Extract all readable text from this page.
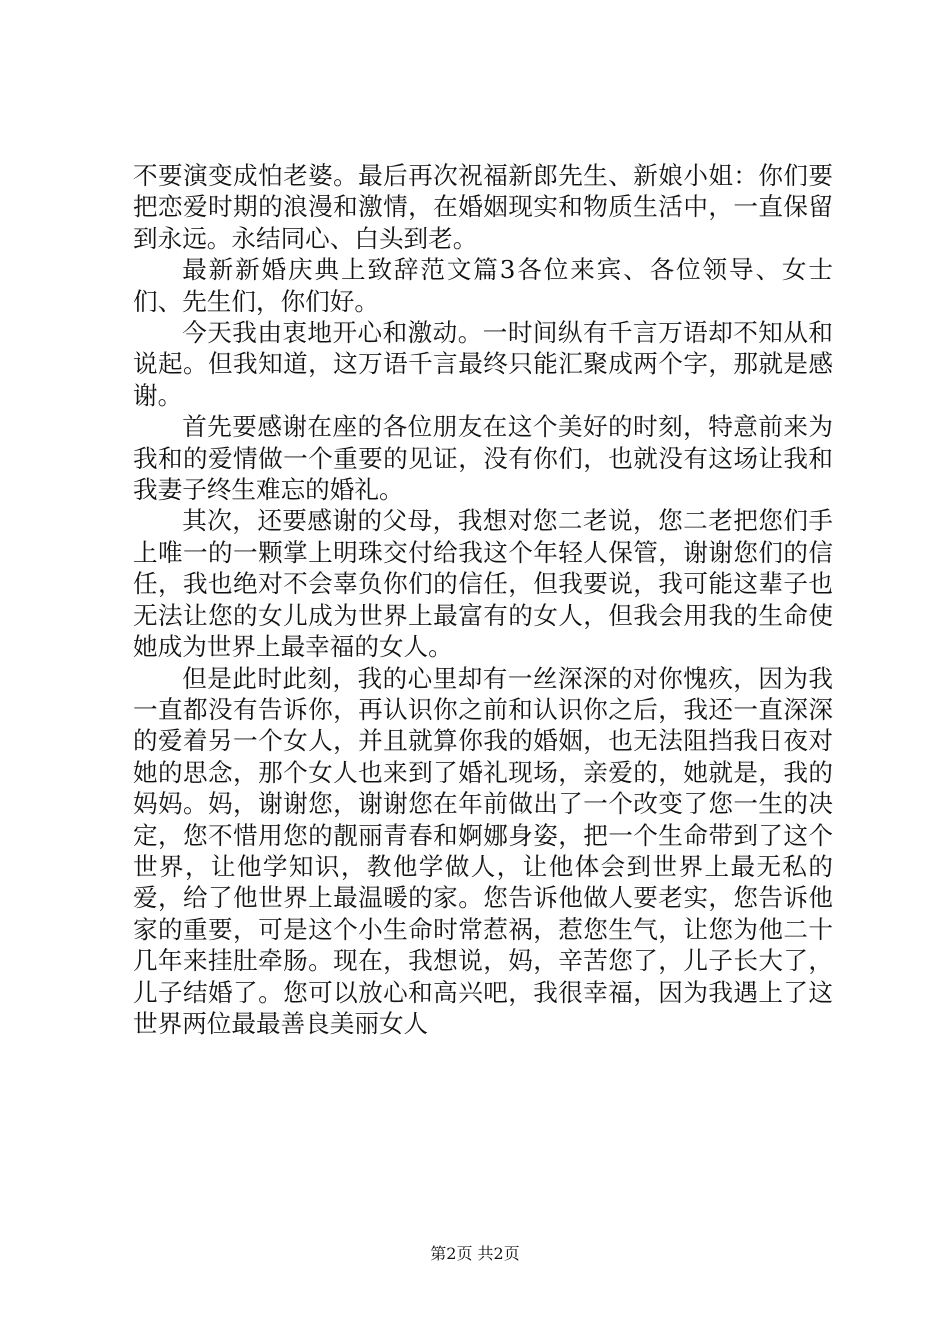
不要演变成怕老婆。最后再次祝福新郎先生、新娘小姐：你们要把恋爱时期的浪漫和激情，在婚姻现实和物质生活中，一直保留到永远。永结同心、白头到老。

最新新婚庆典上致辞范文篇3各位来宾、各位领导、女士们、先生们，你们好。

今天我由衷地开心和激动。一时间纵有千言万语却不知从和说起。但我知道，这万语千言最终只能汇聚成两个字，那就是感谢。

首先要感谢在座的各位朋友在这个美好的时刻，特意前来为我和的爱情做一个重要的见证，没有你们，也就没有这场让我和我妻子终生难忘的婚礼。

其次，还要感谢的父母，我想对您二老说，您二老把您们手上唯一的一颗掌上明珠交付给我这个年轻人保管，谢谢您们的信任，我也绝对不会辜负你们的信任，但我要说，我可能这辈子也无法让您的女儿成为世界上最富有的女人，但我会用我的生命使她成为世界上最幸福的女人。

但是此时此刻，我的心里却有一丝深深的对你愧疚，因为我一直都没有告诉你，再认识你之前和认识你之后，我还一直深深的爱着另一个女人，并且就算你我的婚姻，也无法阻挡我日夜对她的思念，那个女人也来到了婚礼现场，亲爱的，她就是，我的妈妈。妈，谢谢您，谢谢您在年前做出了一个改变了您一生的决定，您不惜用您的靓丽青春和婀娜身姿，把一个生命带到了这个世界，让他学知识，教他学做人，让他体会到世界上最无私的爱，给了他世界上最温暖的家。您告诉他做人要老实，您告诉他家的重要，可是这个小生命时常惹祸，惹您生气，让您为他二十几年来挂肚牵肠。现在，我想说，妈，辛苦您了，儿子长大了，儿子结婚了。您可以放心和高兴吧，我很幸福，因为我遇上了这世界两位最最善良美丽女人

第2页 共2页
